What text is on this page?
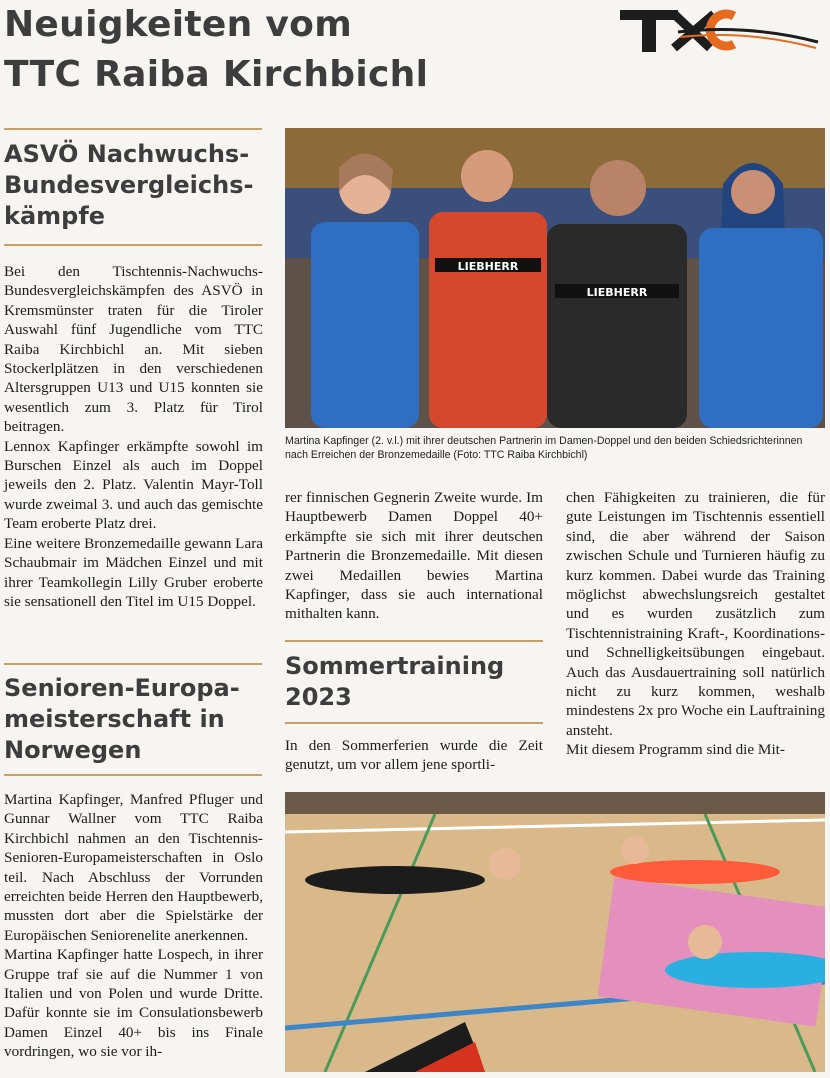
Neuigkeiten vom
TTC Raiba Kirchbichl
ASVÖ Nachwuchs-
Bundesvergleichs-
kämpfe

Bei den Tischtennis-Nachwuchs-Bundesvergleichskämpfen des ASVÖ in Kremsmünster traten für die Tiroler Auswahl fünf Jugendliche vom TTC Raiba Kirchbichl an. Mit sieben Stockerlplätzen in den verschiedenen Altersgruppen U13 und U15 konnten sie wesentlich zum 3. Platz für Tirol beitragen.

Lennox Kapfinger erkämpfte sowohl im Burschen Einzel als auch im Doppel jeweils den 2. Platz. Valentin Mayr-Toll wurde zweimal 3. und auch das gemischte Team eroberte Platz drei.

Eine weitere Bronzemedaille gewann Lara Schaubmair im Mädchen Einzel und mit ihrer Teamkollegin Lilly Gruber eroberte sie sensationell den Titel im U15 Doppel.

Senioren-Europa-
meisterschaft in
Norwegen

Martina Kapfinger, Manfred Pfluger und Gunnar Wallner vom TTC Raiba Kirchbichl nahmen an den Tischtennis-Senioren-Europameisterschaften in Oslo teil. Nach Abschluss der Vorrunden erreichten beide Herren den Hauptbewerb, mussten dort aber die Spielstärke der Europäischen Seniorenelite anerkennen.

Martina Kapfinger hatte Lospech, in ihrer Gruppe traf sie auf die Nummer 1 von Italien und von Polen und wurde Dritte. Dafür konnte sie im Consulationsbewerb Damen Einzel 40+ bis ins Finale vordringen, wo sie vor ih-

LIEBHERR
LIEBHERR
Martina Kapfinger (2. v.l.) mit ihrer deutschen Partnerin im Damen-Doppel und den beiden Schiedsrichterinnen nach Erreichen der Bronzemedaille (Foto: TTC Raiba Kirchbichl)
rer finnischen Gegnerin Zweite wurde. Im Hauptbewerb Damen Doppel 40+ erkämpfte sie sich mit ihrer deutschen Partnerin die Bronzemedaille. Mit diesen zwei Medaillen bewies Martina Kapfinger, dass sie auch international mithalten kann.
Sommertraining
2023
In den Sommerferien wurde die Zeit genutzt, um vor allem jene sportli-

chen Fähigkeiten zu trainieren, die für gute Leistungen im Tischtennis essentiell sind, die aber während der Saison zwischen Schule und Turnieren häufig zu kurz kommen. Dabei wurde das Training möglichst abwechslungsreich gestaltet und es wurden zusätzlich zum Tischtennistraining Kraft-, Koordinations- und Schnelligkeitsübungen eingebaut. Auch das Ausdauertraining soll natürlich nicht zu kurz kommen, weshalb mindestens 2x pro Woche ein Lauftraining ansteht.

Mit diesem Programm sind die Mit-
